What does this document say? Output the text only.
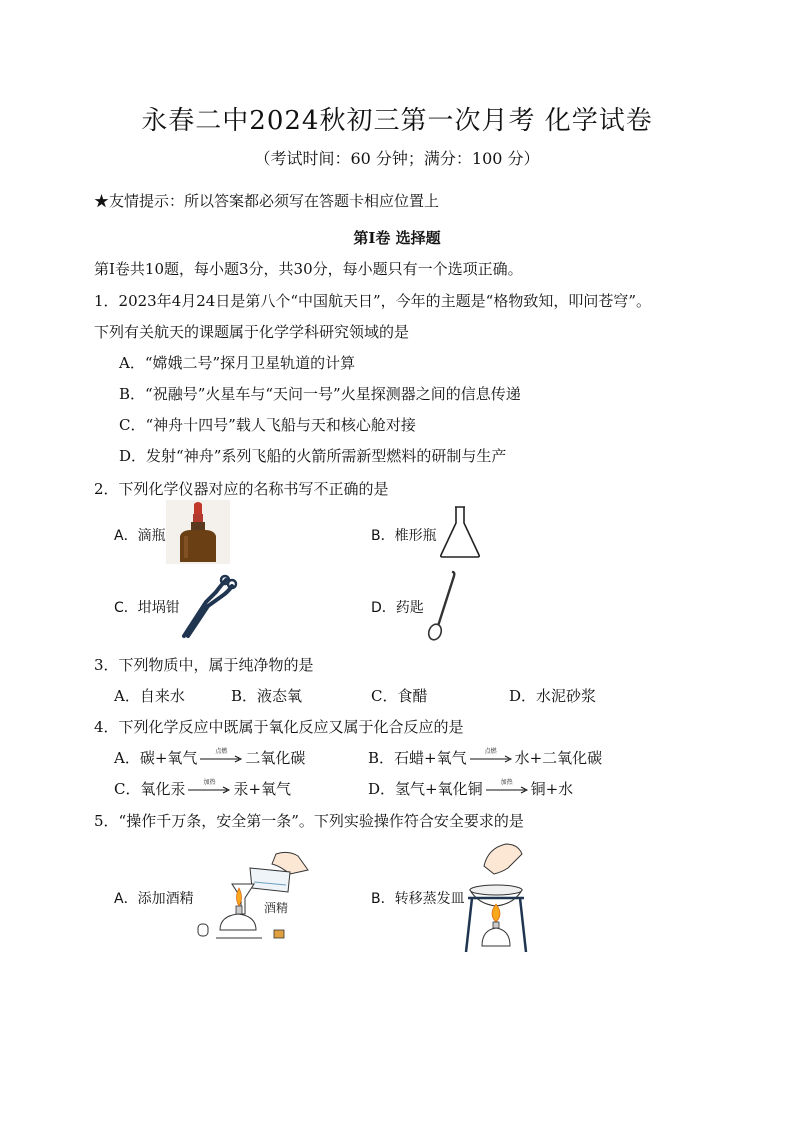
永春二中2024秋初三第一次月考 化学试卷
（考试时间：60 分钟；满分：100 分）
★友情提示：所以答案都必须写在答题卡相应位置上
第Ⅰ卷 选择题
第Ⅰ卷共10题，每小题3分，共30分，每小题只有一个选项正确。
1．2023年4月24日是第八个“中国航天日”，今年的主题是“格物致知，叩问苍穹”。
下列有关航天的课题属于化学学科研究领域的是
A．“嫦娥二号”探月卫星轨道的计算
B．“祝融号”火星车与“天问一号”火星探测器之间的信息传递
C．“神舟十四号”载人飞船与天和核心舱对接
D．发射“神舟”系列飞船的火箭所需新型燃料的研制与生产
2．下列化学仪器对应的名称书写不正确的是
A．滴瓶	B．椎形瓶
C．坩埚钳	D．药匙
3．下列物质中，属于纯净物的是
A．自来水	B．液态氧	C．食醋	D．水泥砂浆
4．下列化学反应中既属于氧化反应又属于化合反应的是
A．碳+氧气	点燃	二氧化碳	B．石蜡+氧气	点燃	水+二氧化碳
C．氧化汞	加热	汞+氧气	D．氢气+氧化铜	加热	铜+水
5．“操作千万条，安全第一条”。下列实验操作符合安全要求的是
A．添加酒精
酒精
B．转移蒸发皿
